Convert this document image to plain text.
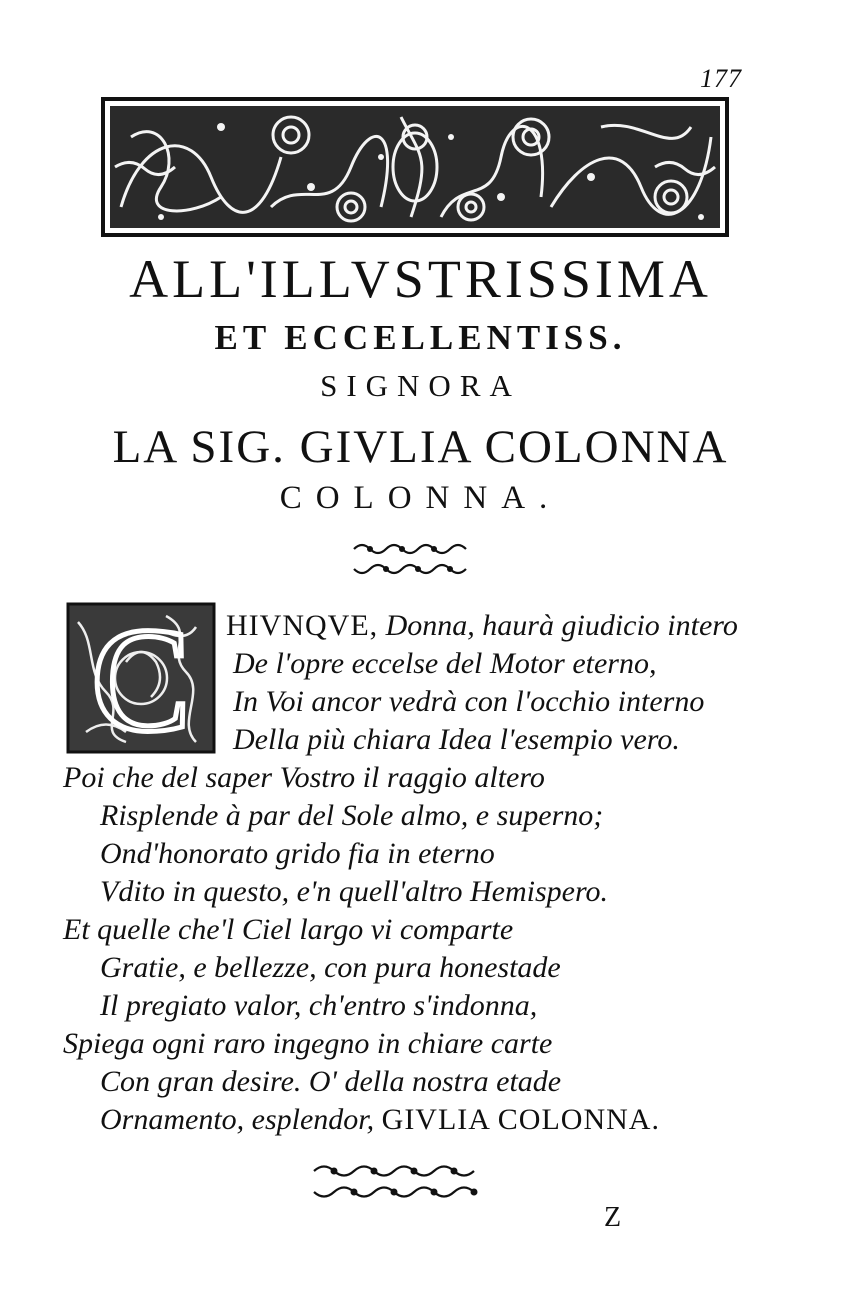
177
ALL'ILLVSTRISSIMA
ET ECCELLENTISS.
SIGNORA
LA SIG. GIVLIA COLONNA
COLONNA.
C HIVNQVE, Donna, haurà giudicio intero
De l'opre eccelse del Motor eterno,
In Voi ancor vedrà con l'occhio interno
Della più chiara Idea l'esempio vero.
Poi che del saper Vostro il raggio altero
Risplende à par del Sole almo, e superno;
Ond'honorato grido fia in eterno
Vdito in questo, e'n quell'altro Hemispero.
Et quelle che'l Ciel largo vi comparte
Gratie, e bellezze, con pura honestade
Il pregiato valor, ch'entro s'indonna,
Spiega ogni raro ingegno in chiare carte
Con gran desire. O' della nostra etade
Ornamento, esplendor, GIVLIA COLONNA.
Z
